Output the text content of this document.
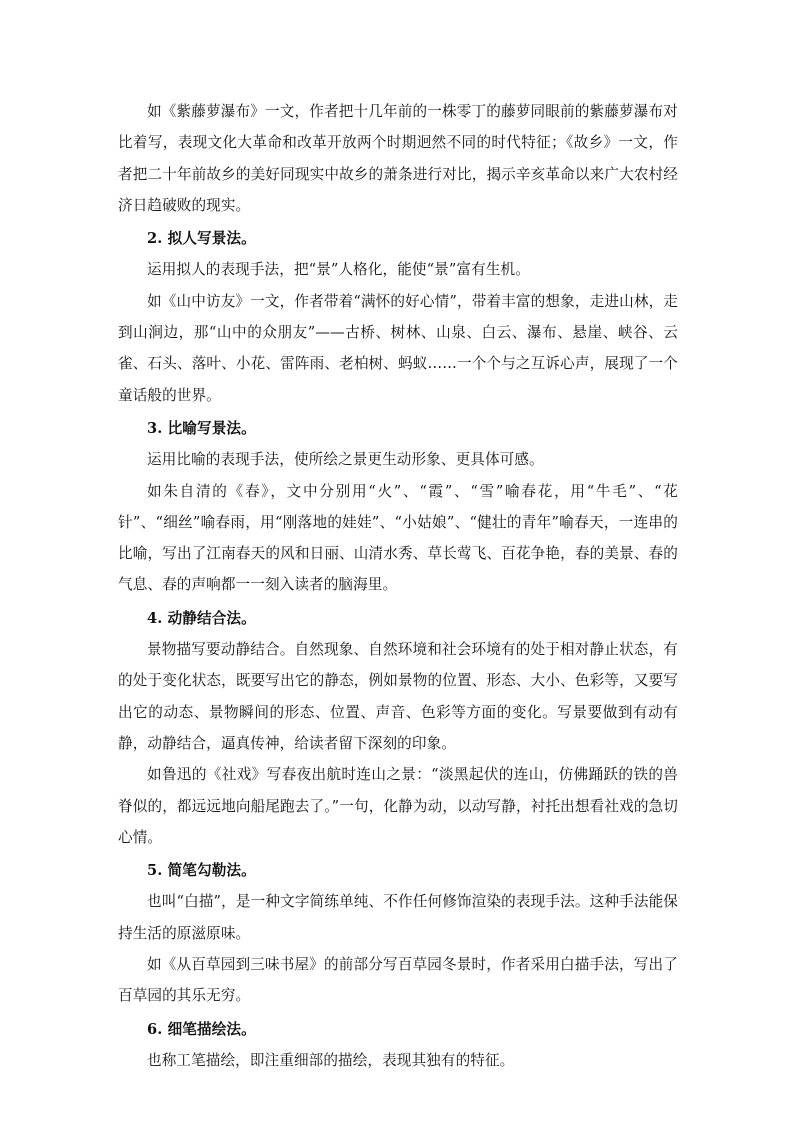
如《紫藤萝瀑布》一文，作者把十几年前的一株零丁的藤萝同眼前的紫藤萝瀑布对比着写，表现文化大革命和改革开放两个时期迥然不同的时代特征；《故乡》一文，作者把二十年前故乡的美好同现实中故乡的萧条进行对比，揭示辛亥革命以来广大农村经济日趋破败的现实。

2. 拟人写景法。

运用拟人的表现手法，把“景”人格化，能使“景”富有生机。

如《山中访友》一文，作者带着“满怀的好心情”，带着丰富的想象，走进山林，走到山涧边，那“山中的众朋友”——古桥、树林、山泉、白云、瀑布、悬崖、峡谷、云雀、石头、落叶、小花、雷阵雨、老柏树、蚂蚁……一个个与之互诉心声，展现了一个童话般的世界。

3. 比喻写景法。

运用比喻的表现手法，使所绘之景更生动形象、更具体可感。

如朱自清的《春》，文中分别用“火”、“霞”、“雪”喻春花，用“牛毛”、“花针”、“细丝”喻春雨，用“刚落地的娃娃”、“小姑娘”、“健壮的青年”喻春天，一连串的比喻，写出了江南春天的风和日丽、山清水秀、草长莺飞、百花争艳，春的美景、春的气息、春的声响都一一刻入读者的脑海里。

4. 动静结合法。

景物描写要动静结合。自然现象、自然环境和社会环境有的处于相对静止状态，有的处于变化状态，既要写出它的静态，例如景物的位置、形态、大小、色彩等，又要写出它的动态、景物瞬间的形态、位置、声音、色彩等方面的变化。写景要做到有动有静，动静结合，逼真传神，给读者留下深刻的印象。

如鲁迅的《社戏》写春夜出航时连山之景：“淡黑起伏的连山，仿佛踊跃的铁的兽脊似的，都远远地向船尾跑去了。”一句，化静为动，以动写静，衬托出想看社戏的急切心情。

5. 简笔勾勒法。

也叫“白描”，是一种文字简练单纯、不作任何修饰渲染的表现手法。这种手法能保持生活的原滋原味。

如《从百草园到三味书屋》的前部分写百草园冬景时，作者采用白描手法，写出了百草园的其乐无穷。

6. 细笔描绘法。

也称工笔描绘，即注重细部的描绘，表现其独有的特征。
